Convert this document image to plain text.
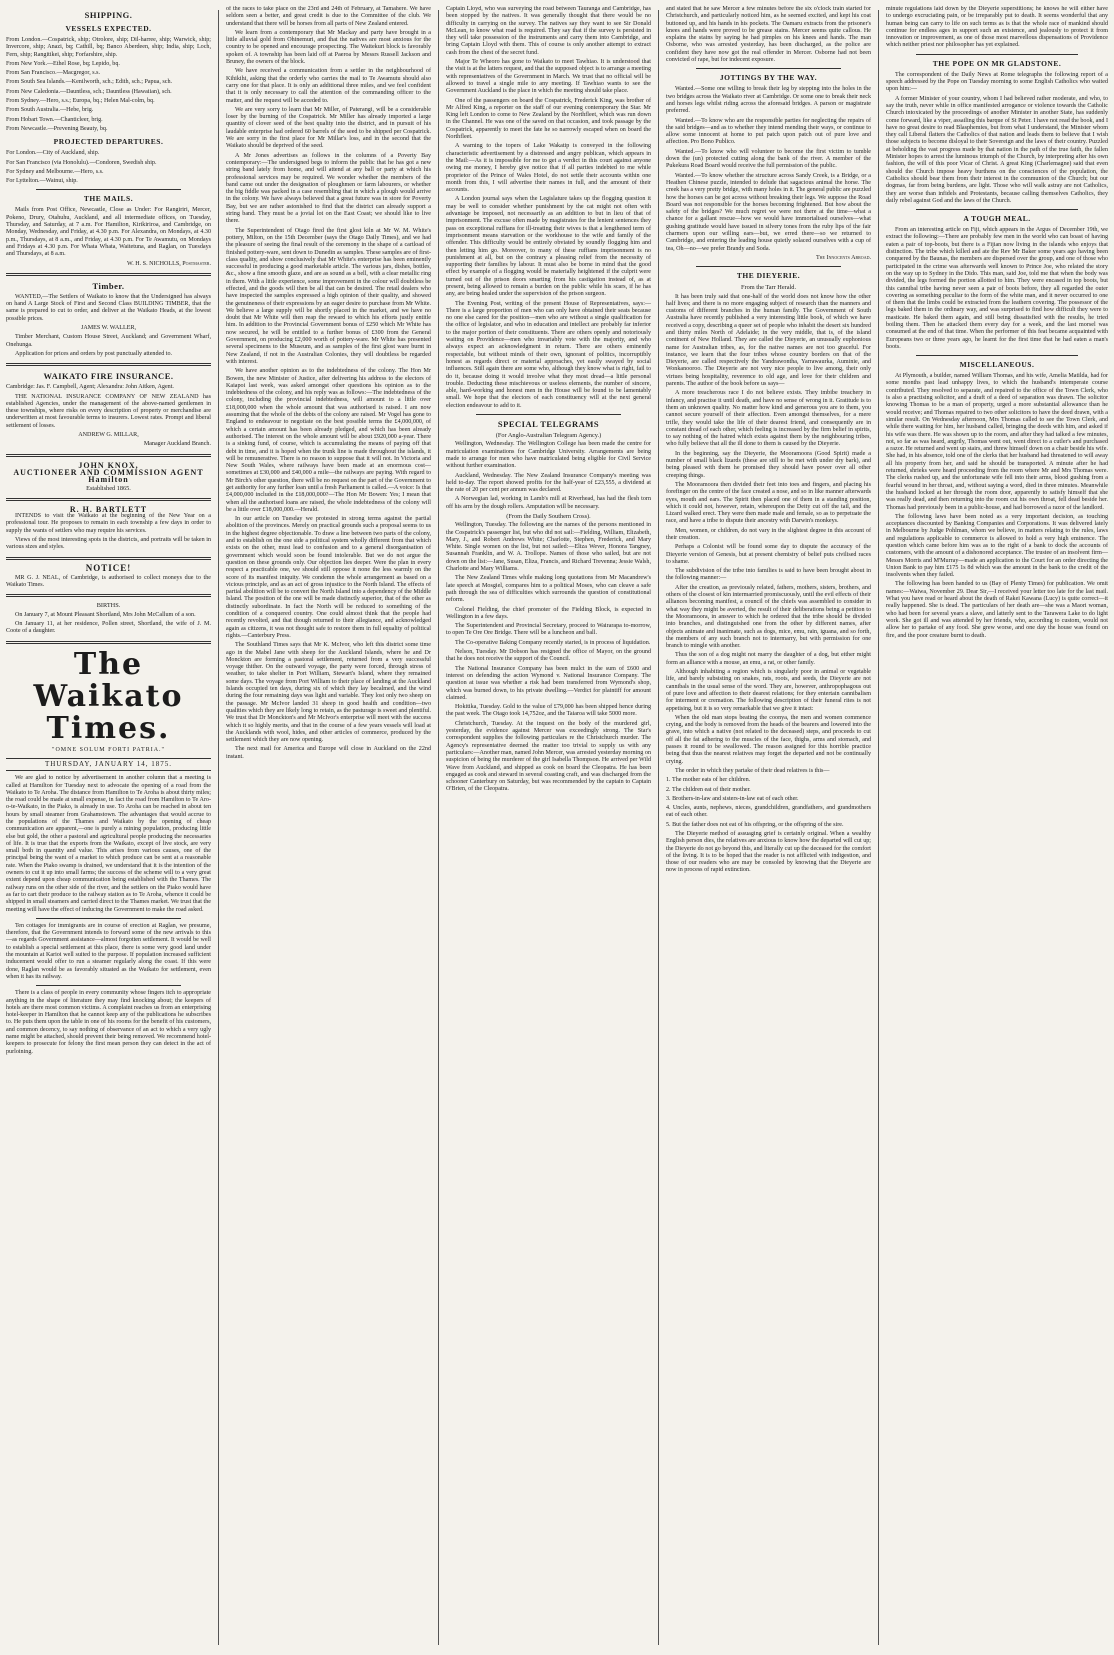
SHIPPING.
VESSELS EXPECTED.

From London.—Cospatrick, ship; Otrolore, ship; Dil-harree, ship; Warwick, ship; Invercore, ship; Anazi, bq; Cathill, bq; Banco Aberdeen, ship; India, ship; Loch, Fern, ship; Rangitikei, ship; Forfarshire, ship.

From New York.—Ethel Rose, bq; Lepido, bq.

From San Francisco.—Macgregor, s.s.

From South Sea Islands.—Kenilworth, sch.; Edith, sch.; Papua, sch.

From New Caledonia.—Dauntless, sch.; Dauntless (Hawaiian), sch.

From Sydney.—Hero, s.s.; Europa, bq.; Helen Mal-colm, bq.

From South Australia.—Hebe, brig.

From Hobart Town.—Chanticleer, brig.

From Newcastle.—Prevening Beauty, bq.

PROJECTED DEPARTURES.

For London.—City of Auckland, ship.

For San Francisco (via Honolulu).—Condoren, Swedish ship.

For Sydney and Melbourne.—Hero, s.s.

For Lyttelton.—Wainui, ship.

THE MAILS.

Mails from Post Office, Newcastle, Close as Under: For Rangiriri, Mercer, Pokeno, Drury, Otahuhu, Auckland, and all intermediate offices, on Tuesday, Thursday, and Saturday, at 7 a.m. For Hamilton, Kirikiriroa, and Cambridge, on Monday, Wednesday, and Friday, at 4.30 p.m. For Alexandra, on Mondays, at 4.30 p.m., Thursdays, at 8 a.m., and Friday, at 4.30 p.m. For Te Awamutu, on Mondays and Fridays at 4.30 p.m. For Whata Whata, Waitetuna, and Raglan, on Tuesdays and Thursdays, at 8 a.m.

W. H. S. NICHOLLS, Postmaster.

Timber.

WANTED,—The Settlers of Waikato to know that the Undersigned has always on hand A Large Stock of First and Second Class BUILDING TIMBER, that the same is prepared to cut to order, and deliver at the Waikato Heads, at the lowest possible prices.

JAMES W. WALLER,

Timber Merchant, Custom House Street, Auckland; and Government Wharf, Onehunga.

Application for prices and orders by post punctually attended to.

WAIKATO FIRE INSURANCE.

Cambridge: Jas. F. Campbell, Agent; Alexandra: John Aitken, Agent.

THE NATIONAL INSURANCE COMPANY OF NEW ZEALAND has established Agencies, under the management of the above-named gentlemen in these townships, where risks on every description of property or merchandise are underwritten at most favourable terms to insurers. Lowest rates. Prompt and liberal settlement of losses.

ANDREW G. MILLAR,

Manager Auckland Branch.

JOHN KNOX,
AUCTIONEER AND COMMISSION AGENT
Hamilton
Established 1865.
R. H. BARTLETT

INTENDS to visit the Waikato at the beginning of the New Year on a professional tour. He proposes to remain in each township a few days in order to supply the wants of settlers who may require his services.

Views of the most interesting spots in the districts, and portraits will be taken in various sizes and styles.

NOTICE!

MR G. J. NEAL, of Cambridge, is authorised to collect moneys due to the Waikato Times.

BIRTHS.

On January 7, at Mount Pleasant Shortland, Mrs John McCallum of a son.

On January 11, at her residence, Pollen street, Shortland, the wife of J. M. Coote of a daughter.

The Waikato Times.
"OMNE SOLUM FORTI PATRIA."
THURSDAY, JANUARY 14, 1875.

We are glad to notice by advertisement in another column that a meeting is called at Hamilton for Tuesday next to advocate the opening of a road from the Waikato to Te Aroha. The distance from Hamilton to Te Aroha is about thirty miles; the road could be made at small expense, in fact the road from Hamilton to Te Aro-o-te-Waikato, in the Piako, is already in use. To Aroha can be reached in about ten hours by small steamer from Grahamstown. The advantages that would accrue to the populations of the Thames and Waikato by the opening of cheap communication are apparent,—one is purely a mining population, producing little else but gold, the other a pastoral and agricultural people producing the necessaries of life. It is true that the exports from the Waikato, except of live stock, are very small both in quantity and value. This arises from various causes, one of the principal being the want of a market to which produce can be sent at a reasonable rate. When the Piako swamp is drained, we understand that it is the intention of the owners to cut it up into small farms; the success of the scheme will to a very great extent depend upon cheap communication being established with the Thames. The railway runs on the other side of the river, and the settlers on the Piako would have as far to cart their produce to the railway station as to Te Aroha, whence it could be shipped in small steamers and carried direct to the Thames market. We trust that the meeting will have the effect of inducing the Government to make the road asked.

Ten cottages for immigrants are in course of erection at Raglan, we presume, therefore, that the Government intends to forward some of the new arrivals to this—as regards Government assistance—almost forgotten settlement. It would be well to establish a special settlement at this place, there is some very good land under the mountain at Karioi well suited to the purpose. If population increased sufficient inducement would offer to run a steamer regularly along the coast. If this were done, Raglan would be as favorably situated as the Waikato for settlement, even when it has its railway.

There is a class of people in every community whose fingers itch to appropriate anything in the shape of literature they may find knocking about; the keepers of hotels are there most common victims. A complaint reaches us from an enterprising hotel-keeper in Hamilton that he cannot keep any of the publications he subscribes to. He puts them upon the table in one of his rooms for the benefit of his customers, and common decency, to say nothing of observance of an act to which a very ugly name might be attached, should prevent their being removed. We recommend hotel-keepers to prosecute for felony the first mean person they can detect in the act of purloining.

of the races to take place on the 23rd and 24th of February, at Tamahere. We have seldom seen a better, and great credit is due to the Committee of the club. We understand that there will be horses from all parts of New Zealand entered.

We learn from a contemporary that Mr Mackay and party have brought in a little alluvial gold from Ohinemuri, and that the natives are most anxious for the country to be opened and encourage prospecting. The Waitekuri block is favorably spoken of. A township has been laid off at Paeroa by Messrs Russell Jackson and Bruney, the owners of the block.

We have received a communication from a settler in the neighbourhood of Kihikihi, asking that the orderly who carries the mail to Te Awamutu should also carry one for that place. It is only an additional three miles, and we feel confident that it is only necessary to call the attention of the commanding officer to the matter, and the request will be acceded to.

We are very sorry to learn that Mr Miller, of Paterangi, will be a considerable loser by the burning of the Cospatrick. Mr Miller has already imported a large quantity of clover seed of the best quality into the district, and in pursuit of his laudable enterprise had ordered 60 barrels of the seed to be shipped per Cospatrick. We are sorry in the first place for Mr Millar's loss, and in the second that the Waikato should be deprived of the seed.

A Mr Jones advertises as follows in the columns of a Poverty Bay contemporary:—The undersigned begs to inform the public that he has got a new string band lately from home, and will attend at any ball or party at which his professional services may be required. We wonder whether the members of the band came out under the designation of ploughmen or farm labourers, or whether the big fiddle was packed in a case resembling that in which a plough would arrive in the colony. We have always believed that a great future was in store for Poverty Bay, but we are rather astonished to find that the district can already support a string band. They must be a jovial lot on the East Coast; we should like to live there.

The Superintendent of Otago fired the first glost kiln at Mr W. M. White's pottery, Milton, on the 15th December (says the Otago Daily Times), and we had the pleasure of seeing the final result of the ceremony in the shape of a cartload of finished pottery-ware, sent down to Dunedin as samples. These samples are of first-class quality, and show conclusively that Mr White's enterprise has been eminently successful in producing a good marketable article. The various jars, dishes, bottles, &c., show a fine smooth glaze, and are as sound as a bell, with a clear metallic ring in them. With a little experience, some improvement in the colour will doubtless be effected, and the goods will then be all that can be desired. The retail dealers who have inspected the samples expressed a high opinion of their quality, and showed the genuineness of their expressions by an eager desire to purchase from Mr White. We believe a large supply will be shortly placed in the market, and we have no doubt that Mr White will then reap the reward to which his efforts justly entitle him. In addition to the Provincial Government bonus of £250 which Mr White has now secured, he will be entitled to a further bonus of £300 from the General Government, on producing £2,000 worth of pottery-ware. Mr White has presented several specimens to the Museum, and as samples of the first glost ware burnt in New Zealand, if not in the Australian Colonies, they will doubtless be regarded with interest.

We have another opinion as to the indebtedness of the colony. The Hon Mr Bowen, the new Minister of Justice, after delivering his address to the electors of Kaiapoi last week, was asked amongst other questions his opinion as to the indebtedness of the colony, and his reply was as follows:—The indebtedness of the colony, including the provincial indebtedness, will amount to a little over £18,000,000 when the whole amount that was authorised is raised. I am now assuming that the whole of the debts of the colony are raised. Mr Vogel has gone to England to endeavour to negotiate on the best possible terms the £4,000,000, of which a certain amount has been already pledged, and which has been already authorised. The interest on the whole amount will be about £920,000 a-year. There is a sinking fund, of course, which is accumulating the means of paying off that debt in time, and it is hoped when the trunk line is made throughout the islands, it will be remunerative. There is no reason to suppose that it will not. In Victoria and New South Wales, where railways have been made at an enormous cost—sometimes at £30,000 and £40,000 a mile—the railways are paying. With regard to Mr Birch's other question, there will be no request on the part of the Government to get authority for any further loan until a fresh Parliament is called.—A voice: Is that £4,000,000 included in the £18,000,000?—The Hon Mr Bowen: Yes; I mean that when all the authorised loans are raised, the whole indebtedness of the colony will be a little over £18,000,000.—Herald.

In our article on Tuesday we protested in strong terms against the partial abolition of the provinces. Merely on practical grounds such a proposal seems to us in the highest degree objectionable. To draw a line between two parts of the colony, and to establish on the one side a political system wholly different from that which exists on the other, must lead to confusion and to a general disorganisation of government which would soon be found intolerable. But we do not argue the question on these grounds only. Our objection lies deeper. Were the plan in every respect a practicable one, we should still oppose it none the less warmly on the score of its manifest iniquity. We condemn the whole arrangement as based on a vicious principle, and as an act of gross injustice to the North Island. The effects of partial abolition will be to convert the North Island into a dependency of the Middle Island. The position of the one will be made distinctly superior, that of the other as distinctly subordinate. In fact the North will be reduced to something of the condition of a conquered country. One could almost think that the people had recently revolted, and that though returned to their allegiance, and acknowledged again as citizens, it was not thought safe to restore them in full equality of political rights.—Canterbury Press.

The Southland Times says that Mr K. McIvor, who left this district some time ago in the Mabel Jane with sheep for the Auckland Islands, where he and Dr Monckton are forming a pastoral settlement, returned from a very successful voyage thither. On the outward voyage, the party were forced, through stress of weather, to take shelter in Port William, Stewart's Island, where they remained some days. The voyage from Port William to their place of landing at the Auckland Islands occupied ten days, during six of which they lay becalmed, and the wind during the four remaining days was light and variable. They lost only two sheep on the passage. Mr McIvor landed 31 sheep in good health and condition—two qualities which they are likely long to retain, as the pasturage is sweet and plentiful. We trust that Dr Monckton's and Mr McIvor's enterprise will meet with the success which it so highly merits, and that in the course of a few years vessels will load at the Aucklands with wool, hides, and other articles of commerce, produced by the settlement which they are now opening.

The next mail for America and Europe will close in Auckland on the 22nd instant.

Captain Lloyd, who was surveying the road between Tauranga and Cambridge, has been stopped by the natives. It was generally thought that there would be no difficulty in carrying on the survey. The natives say they want to see Sir Donald McLean, to know what road is required. They say that if the survey is persisted in they will take possession of the instruments and carry them into Cambridge, and bring Captain Lloyd with them. This of course is only another attempt to extract cash from the chest of the secret fund.

Major Te Wheoro has gone to Waikato to meet Tawhiao. It is understood that the visit is at the latters request, and that the supposed object is to arrange a meeting with representatives of the Government in March. We trust that no official will be allowed to travel a single mile to any meeting. If Tawhiao wants to see the Government Auckland is the place in which the meeting should take place.

One of the passengers on board the Cospatrick, Frederick King, was brother of Mr Alfred King, a reporter on the staff of our evening contemporary the Star. Mr King left London to come to New Zealand by the Northfleet, which was run down in the Channel. He was one of the saved on that occasion, and took passage by the Cospatrick, apparently to meet the fate he so narrowly escaped when on board the Northfleet.

A warning to the topers of Lake Wakatip is conveyed in the following characteristic advertisement by a distressed and angry publican, which appears in the Mail:—As it is impossible for me to get a verdict in this court against anyone owing me money, I hereby give notice that if all parties indebted to me while proprietor of the Prince of Wales Hotel, do not settle their accounts within one month from this, I will advertise their names in full, and the amount of their accounts.

A London journal says when the Legislature takes up the flogging question it may be well to consider whether punishment by the cat might not often with advantage be imposed, not necessarily as an addition to but in lieu of that of imprisonment. The excuse often made by magistrates for the lenient sentences they pass on exceptional ruffians for ill-treating their wives is that a lengthened term of imprisonment means starvation or the workhouse to the wife and family of the offender. This difficulty would be entirely obviated by soundly flogging him and then letting him go. Moreover, to many of these ruffians imprisonment is no punishment at all, but on the contrary a pleasing relief from the necessity of supporting their families by labour. It must also be borne in mind that the good effect by example of a flogging would be materially heightened if the culprit were turned out of the prison doors smarting from his castigation instead of, as at present, being allowed to remain a burden on the public while his scars, if he has any, are being healed under the supervision of the prison surgeon.

The Evening Post, writing of the present House of Representatives, says:—There is a large proportion of men who can only have obtained their seats because no one else cared for the position—men who are without a single qualification for the office of legislator, and who in education and intellect are probably far inferior to the major portion of their constituents. There are others openly and notoriously waiting on Providence—men who invariably vote with the majority, and who always expect an acknowledgment in return. There are others eminently respectable, but without minds of their own, ignorant of politics, incorruptibly honest as regards direct or material approaches, yet easily swayed by social influences. Still again there are some who, although they know what is right, fail to do it, because doing it would involve what they most dread—a little personal trouble. Deducting these mischievous or useless elements, the number of sincere, able, hard-working and honest men in the House will be found to be lamentably small. We hope that the electors of each constituency will at the next general election endeavour to add to it.

SPECIAL TELEGRAMS
(For Anglo-Australian Telegram Agency.)

Wellington, Wednesday. The Wellington College has been made the centre for matriculation examinations for Cambridge University. Arrangements are being made to arrange for men who have matriculated being eligible for Civil Service without further examination.

Auckland, Wednesday. The New Zealand Insurance Company's meeting was held to-day. The report showed profits for the half-year of £23,555, a dividend at the rate of 20 per cent per annum was declared.

A Norwegian lad, working in Lamb's mill at Riverhead, has had the flesh torn off his arm by the dough rollers. Amputation will be necessary.

(From the Daily Southern Cross).

Wellington, Tuesday. The following are the names of the persons mentioned in the Cospatrick's passenger list, but who did not sail:—Fielding, William, Elizabeth, Mary, J., and Robert Andrews White; Charlotte, Stephen, Frederick, and Mary White. Single women on the list, but not sailed:—Eliza Wever, Honora Tangney, Susannah Franklin, and W. A. Trollope. Names of those who sailed, but are not down on the list:—Jane, Susan, Eliza, Francis, and Richard Trevenna; Jessie Walsh, Charlotte and Mary Williams.

The New Zealand Times while making long quotations from Mr Macandrew's late speech at Mosgiel, compares him to a political Moses, who can cleave a safe path through the sea of difficulties which surrounds the question of constitutional reform.

Colonel Fielding, the chief promoter of the Fielding Block, is expected in Wellington in a few days.

The Superintendent and Provincial Secretary, proceed to Wairarapa to-morrow, to open Te Ore Ore Bridge. There will be a luncheon and ball.

The Co-operative Baking Company recently started, is in process of liquidation.

Nelson, Tuesday. Mr Dobson has resigned the office of Mayor, on the ground that he does not receive the support of the Council.

The National Insurance Company has been mulct in the sum of £600 and interest on defending the action Wymond v. National Insurance Company. The question at issue was whether a risk had been transferred from Wymond's shop, which was burned down, to his private dwelling.—Verdict for plaintiff for amount claimed.

Hokitika, Tuesday. Gold to the value of £79,000 has been shipped hence during the past week. The Otago took 14,752oz, and the Taiaroa will take 5000 more.

Christchurch, Tuesday. At the inquest on the body of the murdered girl, yesterday, the evidence against Mercer was exceedingly strong. The Star's correspondent supplies the following particulars re the Christchurch murder. The Agency's representative deemed the matter too trivial to supply us with any particulars:—Another man, named John Mercer, was arrested yesterday morning on suspicion of being the murderer of the girl Isabella Thompson. He arrived per Wild Wave from Auckland, and shipped as cook on board the Cleopatra. He has been engaged as cook and steward in several coasting craft, and was discharged from the schooner Canterbury on Saturday, but was recommended by the captain to Captain O'Brien, of the Cleopatra.

and stated that he saw Mercer a few minutes before the six o'clock train started for Christchurch, and particularly noticed him, as he seemed excited, and kept his coat buttoned up, and his hands in his pockets. The Oamaru extracts from the prisoner's knees and hands were proved to be grease stains. Mercer seems quite callous. He explains the stains by saying he had pimples on his knees and hands. The man Osborne, who was arrested yesterday, has been discharged, as the police are confident they have now got the real offender in Mercer. Osborne had not been convicted of rape, but for indecent exposure.

JOTTINGS BY THE WAY.

Wanted.—Some one willing to break their leg by stepping into the holes in the two bridges across the Waikato river at Cambridge. Or some one to break their neck and horses legs whilst riding across the aforesaid bridges. A parson or magistrate preferred.

Wanted.—To know who are the responsible parties for neglecting the repairs of the said bridges—and as to whether they intend mending their ways, or continue to allow some innocent at home to put patch upon patch out of pure love and affection. Pro Bono Publico.

Wanted.—To know who will volunteer to become the first victim to tumble down the (un) protected cutting along the bank of the river. A member of the Pukekura Road Board would receive the full permission of the public.

Wanted.—To know whether the structure across Sandy Creek, is a Bridge, or a Heathen Chinese puzzle, intended to delude that sagacious animal the horse. The creek has a very pretty bridge, with many holes in it. The general public are puzzled how the horses can be got across without breaking their legs. We suppose the Road Board was not responsible for the horses becoming frightened. But how about the safety of the bridges? We much regret we were not there at the time—what a chance for a gallant rescue—how we would have immortalised ourselves—what gushing gratitude would have issued in silvery tones from the ruby lips of the fair charmers upon our willing ears—but, we erred there—so we returned to Cambridge, and entering the leading house quietly solaced ourselves with a cup of tea, Oh—no—we prefer Brandy and Soda.

The Innocents Abroad.

THE DIEYERIE.
From the Tarr Herald.

It has been truly said that one-half of the world does not know how the other half lives; and there is no more engaging subject of research than the manners and customs of different branches in the human family. The Government of South Australia have recently published a very interesting little book, of which we have received a copy, describing a queer set of people who inhabit the desert six hundred and thirty miles North of Adelaide; in the very middle, that is, of the island continent of New Holland. They are called the Dieyerie, an unusually euphonious name for Australian tribes, as, for the native names are not too graceful. For instance, we learn that the four tribes whose country borders on that of the Dieyerie, are called respectively the Yandrawontha, Yarrawaurka, Auminie, and Wonkanooroo. The Dieyerie are not very nice people to live among, their only virtues being hospitality, reverence to old age, and love for their children and parents. The author of the book before us says—

A more treacherous race I do not believe exists. They imbibe treachery in infancy, and practise it until death, and have no sense of wrong in it. Gratitude is to them an unknown quality. No matter how kind and generous you are to them, you cannot secure yourself of their affection. Even amongst themselves, for a mere trifle, they would take the life of their dearest friend, and consequently are in constant dread of each other, which feeling is increased by the firm belief in spirits, to say nothing of the hatred which exists against them by the neighbouring tribes, who fully believe that all the ill done to them is caused by the Dieyerie.

In the beginning, say the Dieyerie, the Mooramoora (Good Spirit) made a number of small black lizards (these are still to be met with under dry bark), and being pleased with them he promised they should have power over all other creeping things.

The Mooramoora then divided their feet into toes and fingers, and placing his forefinger on the centre of the face created a nose, and so in like manner afterwards eyes, mouth and ears. The Spirit then placed one of them in a standing position, which it could not, however, retain, whereupon the Deity cut off the tail, and the Lizard walked erect. They were then made male and female, so as to perpetuate the race, and have a tribe to dispute their ancestry with Darwin's monkeys.

Men, women, or children, do not vary in the slightest degree in this account of their creation.

Perhaps a Colonist will be found some day to dispute the accuracy of the Dieyerie version of Genesis, but at present chemistry of belief puts civilised races to shame.

The subdivision of the tribe into families is said to have been brought about in the following manner:—

After the creation, as previously related, fathers, mothers, sisters, brothers, and others of the closest of kin intermarried promiscuously, until the evil effects of their alliances becoming manifest, a council of the chiefs was assembled to consider in what way they might be averted, the result of their deliberations being a petition to the Mooramoora, in answer to which he ordered that the tribe should be divided into branches, and distinguished one from the other by different names, after objects animate and inanimate, such as dogs, mice, emu, rain, iguana, and so forth, the members of any such branch not to intermarry, but with permission for one branch to mingle with another.

Thus the son of a dog might not marry the daughter of a dog, but either might form an alliance with a mouse, an emu, a rat, or other family.

Although inhabiting a region which is singularly poor in animal or vegetable life, and barely subsisting on snakes, rats, roots, and seeds, the Dieyerie are not cannibals in the usual sense of the word. They are, however, anthropophagous out of pure love and affection to their dearest relations; for they entertain cannibalism for interment or cremation. The following description of their funeral rites is not appetising, but it is so very remarkable that we give it intact:

When the old man stops beating the coonya, the men and women commence crying, and the body is removed from the heads of the bearers and lowered into the grave, into which a native (not related to the deceased) steps, and proceeds to cut off all the fat adhering to the muscles of the face, thighs, arms and stomach, and passes it round to be swallowed. The reason assigned for this horrible practice being that thus the nearest relatives may forget the departed and not be continually crying.

The order in which they partake of their dead relatives is this—

1. The mother eats of her children.

2. The children eat of their mother.

3. Brothers-in-law and sisters-in-law eat of each other.

4. Uncles, aunts, nephews, nieces, grandchildren, grandfathers, and grandmothers eat of each other.

5. But the father does not eat of his offspring, or the offspring of the sire.

The Dieyerie method of assuaging grief is certainly original. When a wealthy English person dies, the relatives are anxious to know how the departed will cut up; the Dieyerie do not go beyond this, and literally cut up the deceased for the comfort of the living. It is to be hoped that the reader is not afflicted with indigestion, and those of our readers who are may be consoled by knowing that the Dieyerie are now in process of rapid extinction.

minute regulations laid down by the Dieyerie superstitions; he knows he will either have to undergo excruciating pain, or be irreparably put to death. It seems wonderful that any human being can carry to life on such terms as is that the whole race of mankind should continue for endless ages in support such an existence, and jealously to protect it from innovation or improvement, as one of those most marvellous dispensations of Providence which neither priest nor philosopher has yet explained.

THE POPE ON MR GLADSTONE.

The correspondent of the Daily News at Rome telegraphs the following report of a speech addressed by the Pope on Tuesday morning to some English Catholics who waited upon him:—

A former Minister of your country, whom I had believed rather moderate, and who, to say the truth, never while in office manifested arrogance or violence towards the Catholic Church intoxicated by the proceedings of another Minister in another State, has suddenly come forward, like a viper, assailing this barque of St Peter. I have not read the book, and I have no great desire to read Blasphemies, but from what I understand, the Minister whom they call Liberal flatters the Catholics of that nation and leads them to believe that I wish those subjects to become disloyal to their Sovereign and the laws of their country. Puzzled at beholding the vast progress made by that nation in the path of the true faith, the fallen Minister hopes to arrest the luminous triumph of the Church, by interpreting after his own fashion, the will of this poor Vicar of Christ. A great King (Charlemagne) said that even should the Church impose heavy burthens on the consciences of the population, the Catholics should bear them from their interest in the communion of the Church; but our dogmas, far from being burdens, are light. Those who will walk astray are not Catholics, they are worse than infidels and Protestants, because calling themselves Catholics, they daily rebel against God and the laws of the Church.

A TOUGH MEAL.

From an interesting article on Fiji, which appears in the Argus of December 19th, we extract the following:—There are probably few men in the world who can boast of having eaten a pair of top-boots, but there is a Fijian now living in the islands who enjoys that distinction. The tribe which killed and ate the Rev Mr Baker some years ago having been conquered by the Baunas, the members are dispersed over the group, and one of those who participated in the crime was afterwards well known to Prince Joe, who related the story on the way up to Sydney in the Dido. This man, said Joe, told me that when the body was divided, the legs formed the portion allotted to him. They were encased in top boots, but this cannibal tribe having never seen a pair of boots before, they all regarded the outer covering as something peculiar to the form of the white man, and it never occurred to one of them that the limbs could be extracted from the leathern covering. The possessor of the legs baked them in the ordinary way, and was surprised to find how difficult they were to masticate. He baked them again, and still being dissatisfied with the results, he tried boiling them. Then he attacked them every day for a week, and the last morsel was consumed at the end of that time. When the performer of this feat became acquainted with Europeans two or three years ago, he learnt for the first time that he had eaten a man's boots.

MISCELLANEOUS.

At Plymouth, a builder, named William Thomas, and his wife, Amelia Matilda, had for some months past lead unhappy lives, to which the husband's intemperate course contributed. They resolved to separate, and repaired to the office of the Town Clerk, who is also a practising solicitor, and a draft of a deed of separation was drawn. The solicitor knowing Thomas to be a man of property, urged a more substantial allowance than he would receive; and Thomas repaired to two other solicitors to have the deed drawn, with a similar result. On Wednesday afternoon, Mrs Thomas called to see the Town Clerk, and while there waiting for him, her husband called, bringing the deeds with him, and asked if his wife was there. He was shown up to the room, and after they had talked a few minutes, not, so far as was heard, angrily, Thomas went out, went direct to a cutler's and purchased a razor. He returned and went up stairs, and threw himself down on a chair beside his wife. She had, in his absence, told one of the clerks that her husband had threatened to will away all his property from her, and said he should be transported. A minute after he had returned, shrieks were heard proceeding from the room where Mr and Mrs Thomas were. The clerks rushed up, and the unfortunate wife fell into their arms, blood gushing from a fearful wound in her throat, and, without saying a word, died in three minutes. Meanwhile the husband locked at her through the room door, apparently to satisfy himself that she was really dead, and then returning into the room cut his own throat, fell dead beside her. Thomas had previously been in a public-house, and had borrowed a razor of the landlord.

The following laws have been noted as a very important decision, as touching acceptances discounted by Banking Companies and Corporations. It was delivered lately in Melbourne by Judge Pohlman, whom we believe, in matters relating to the rules, laws and regulations applicable to commerce is allowed to hold a very high eminence. The question which came before him was as to the right of a bank to dock the accounts of customers, with the amount of a dishonored acceptance. The trustee of an insolvent firm—Messrs Morris and M'Murray—made an application to the Court for an order directing the Union Bank to pay him £175 1s 8d which was the amount in the bank to the credit of the insolvents when they failed.

The following has been handed to us (Bay of Plenty Times) for publication. We omit names:—Waiwa, November 29. Dear Sir,—I received your letter too late for the last mail. What you have read or heard about the death of Rakei Kawana (Lucy) is quite correct—it really happened. She is dead. The particulars of her death are—she was a Maori woman, who had been for several years a slave, and latterly sent to the Tarawera Lake to do light work. She got ill and was attended by her friends, who, according to custom, would not allow her to partake of any food. She grew worse, and one day the house was found on fire, and the poor creature burnt to death.
